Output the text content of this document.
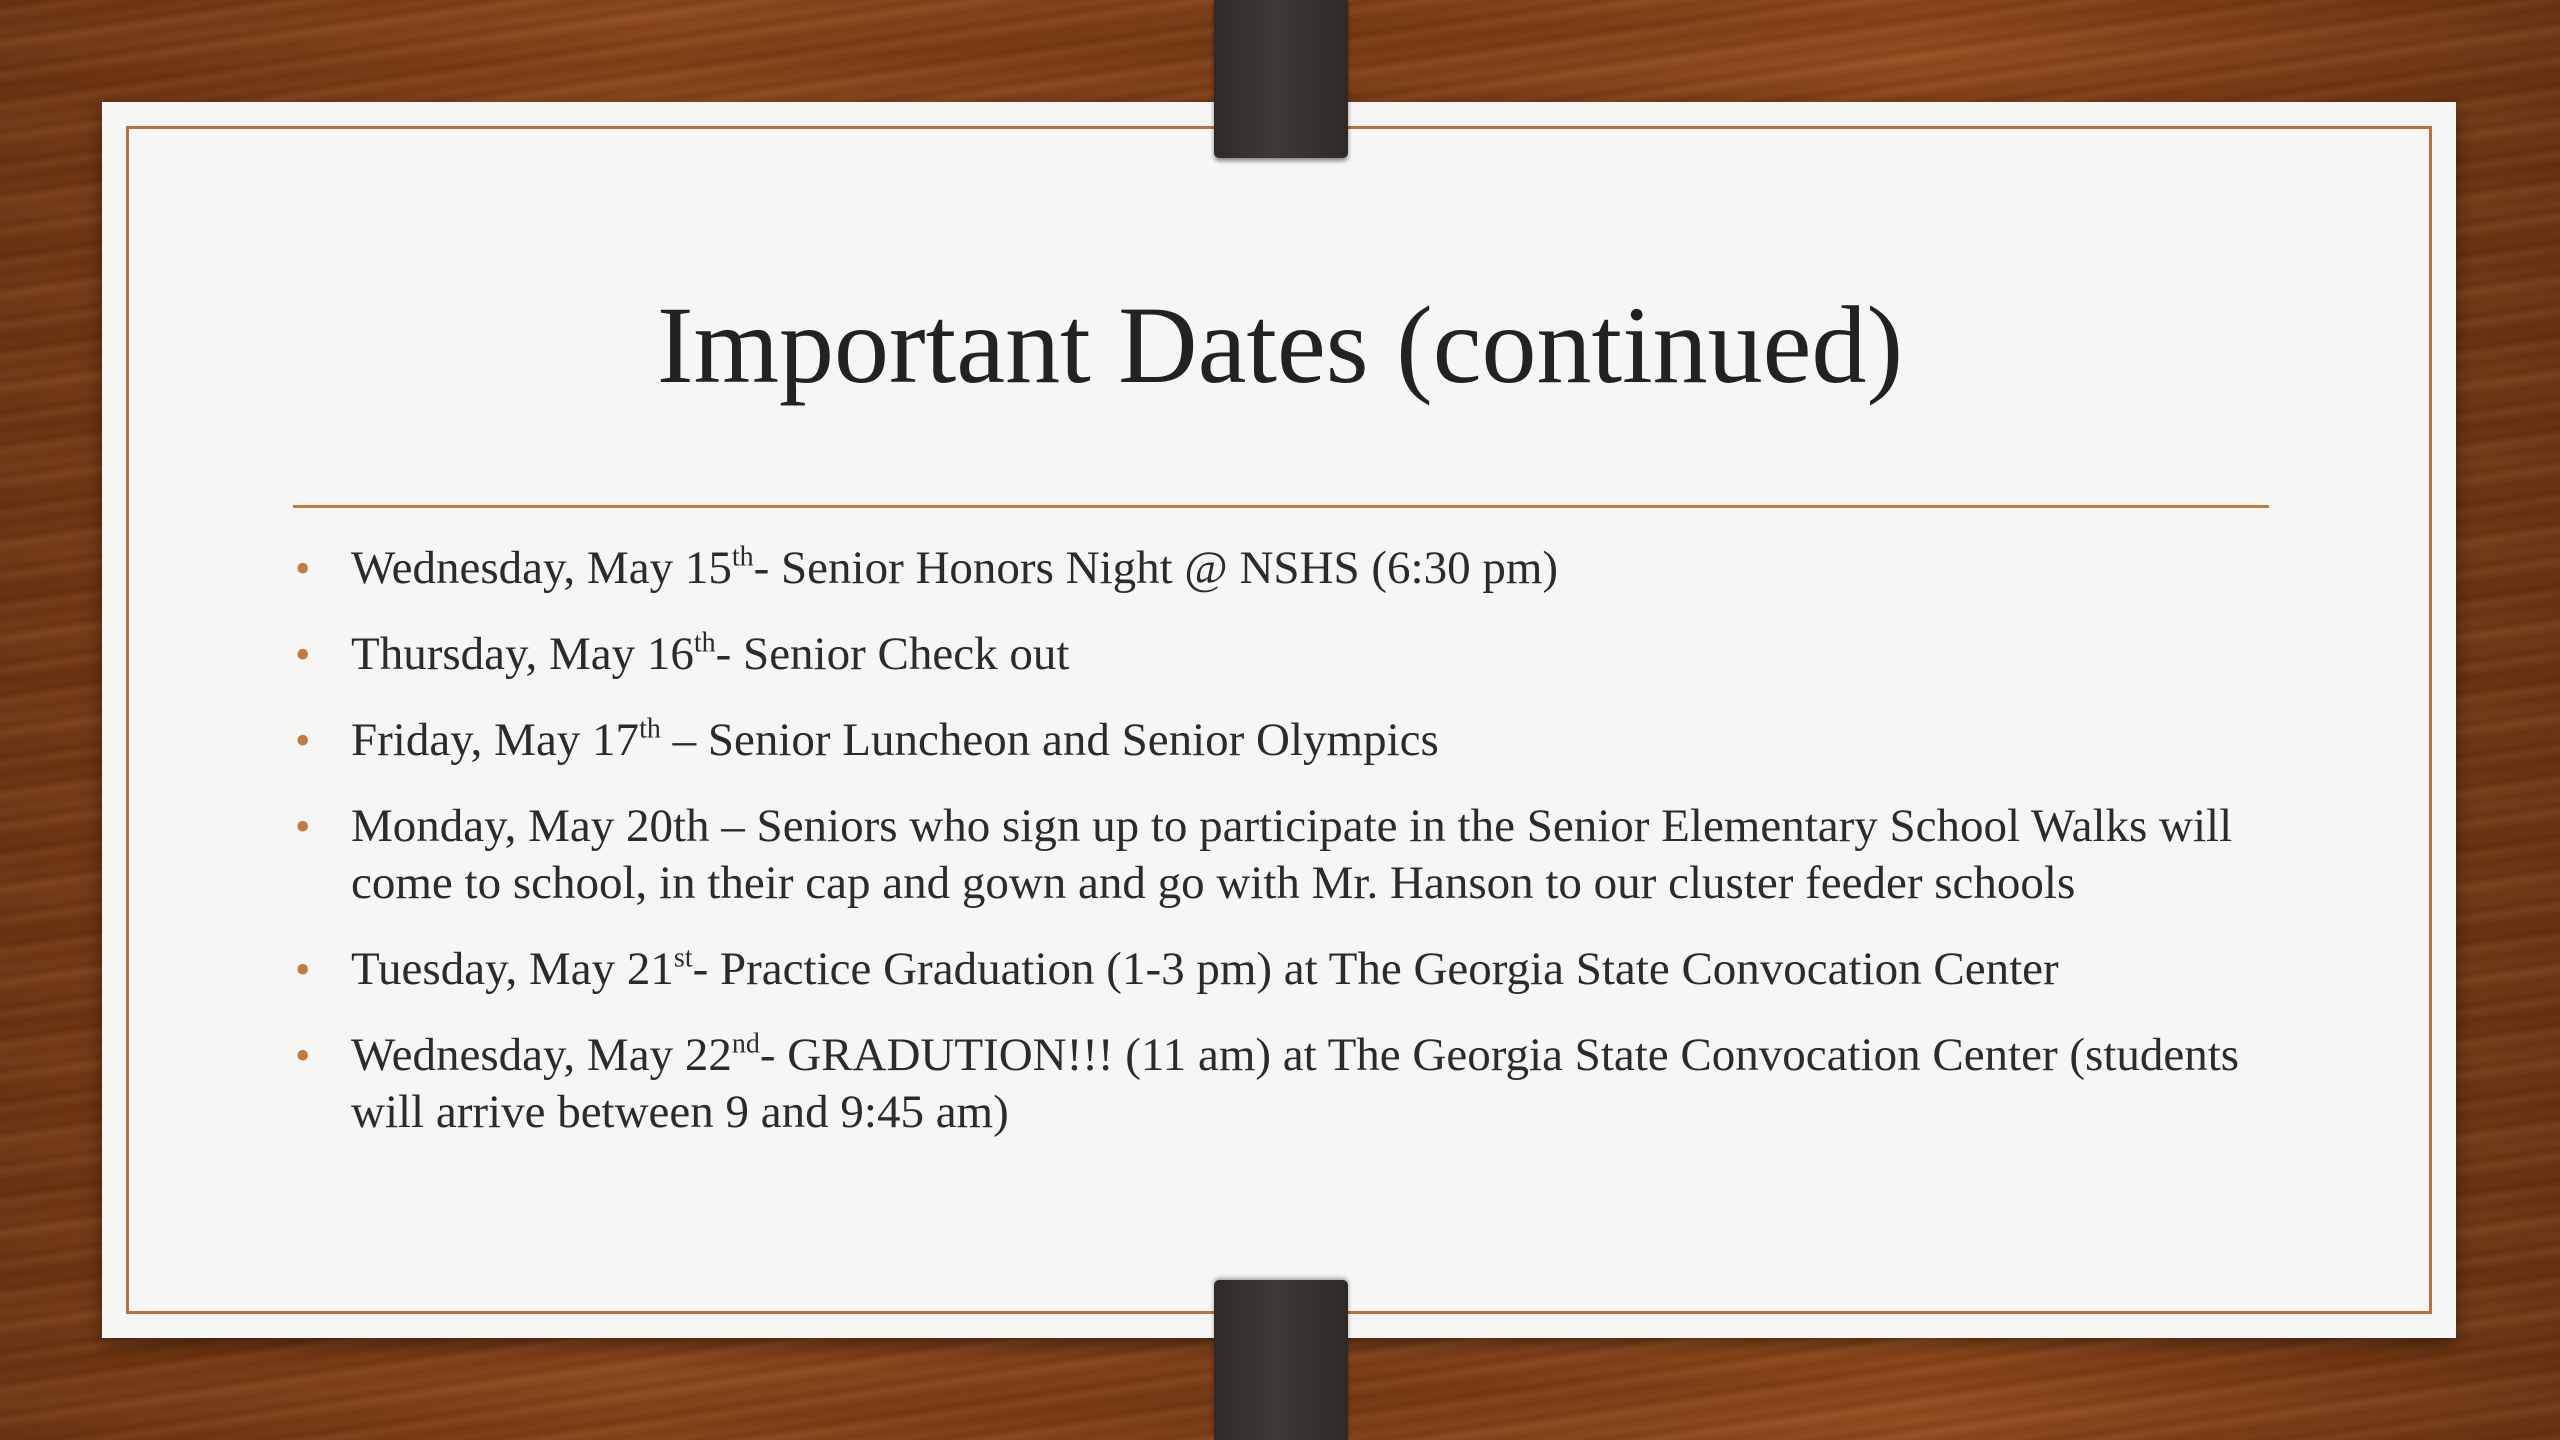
Important Dates (continued)
• Wednesday, May 15th- Senior Honors Night @ NSHS (6:30 pm)
• Thursday, May 16th- Senior Check out
• Friday, May 17th – Senior Luncheon and Senior Olympics
• Monday, May 20th – Seniors who sign up to participate in the Senior Elementary School Walks will come to school, in their cap and gown and go with Mr. Hanson to our cluster feeder schools
• Tuesday, May 21st- Practice Graduation (1-3 pm) at The Georgia State Convocation Center
• Wednesday, May 22nd- GRADUTION!!! (11 am) at The Georgia State Convocation Center (students will arrive between 9 and 9:45 am)
